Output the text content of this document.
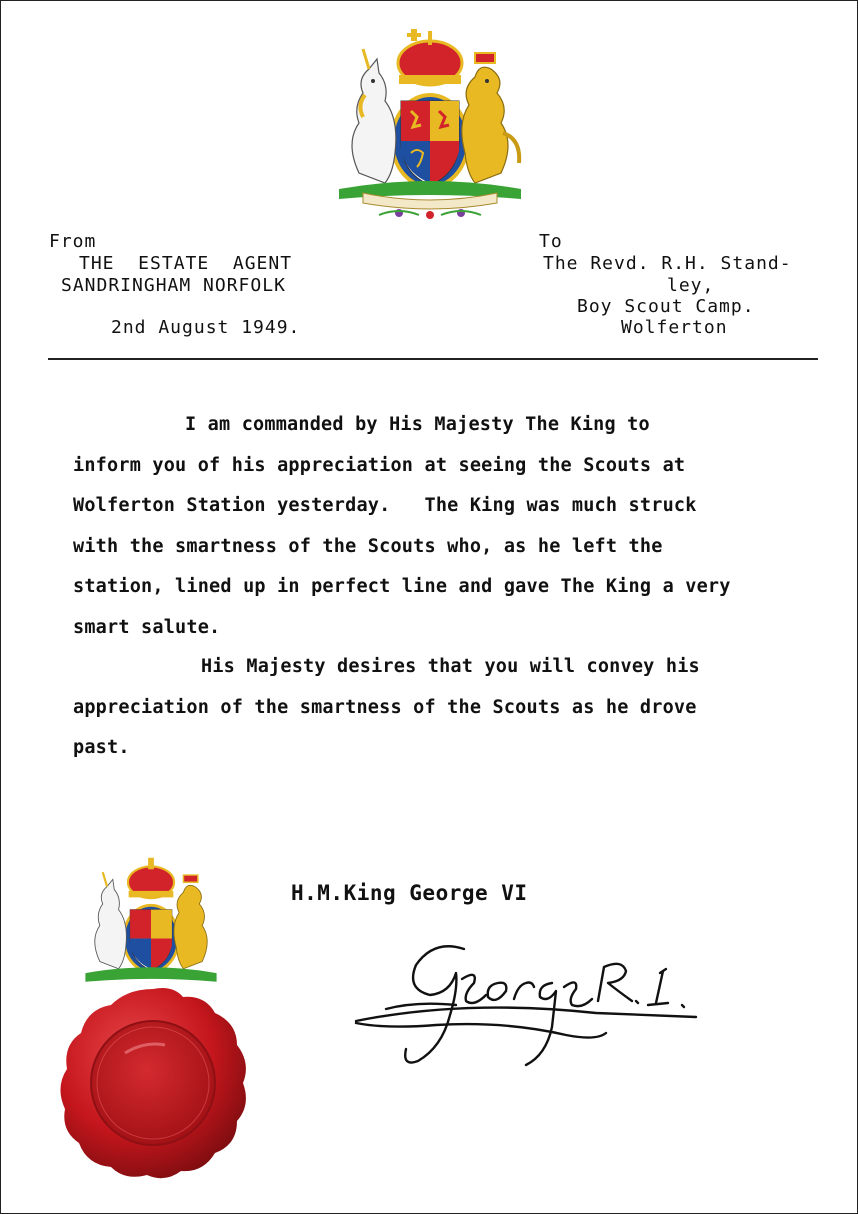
From
THE  ESTATE  AGENT
SANDRINGHAM NORFOLK
2nd August 1949.
To
The Revd. R.H. Stand-
ley,
Boy Scout Camp.
Wolferton
I am commanded by His Majesty The King to
inform you of his appreciation at seeing the Scouts at
Wolferton Station yesterday.   The King was much struck
with the smartness of the Scouts who, as he left the
station, lined up in perfect line and gave The King a very
smart salute.
His Majesty desires that you will convey his
appreciation of the smartness of the Scouts as he drove
past.
H.M.King George VI
